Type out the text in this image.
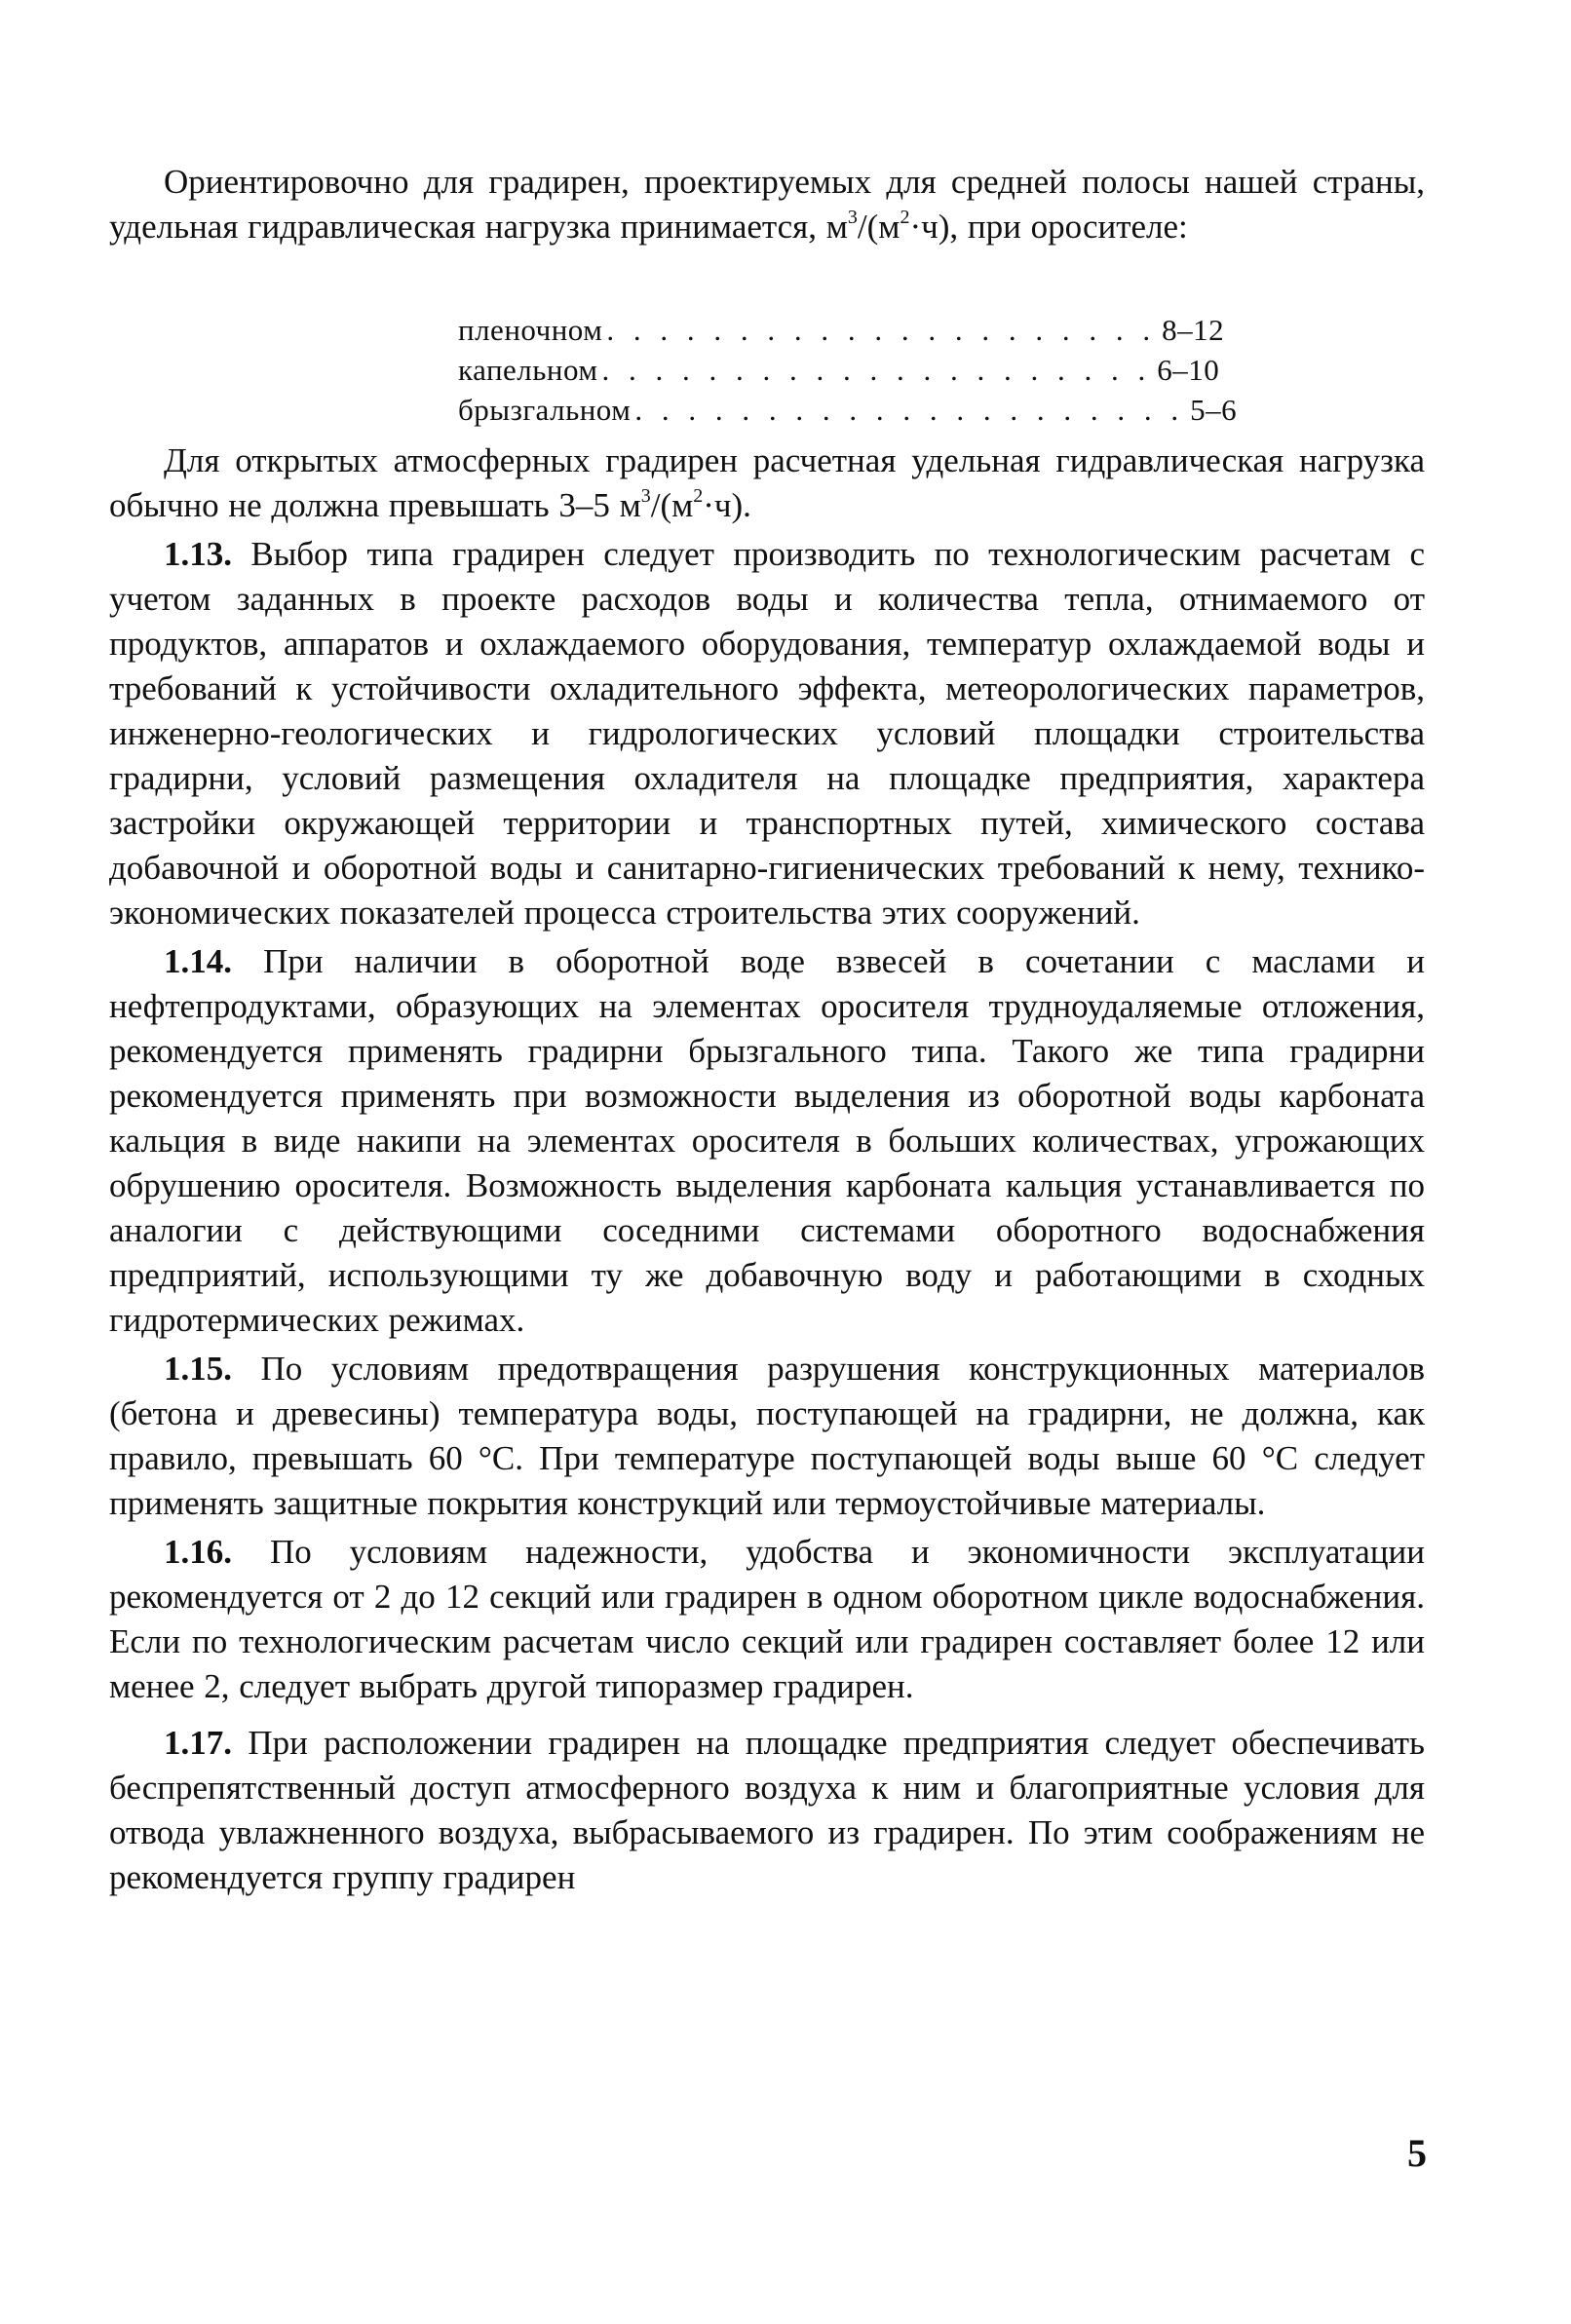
Ориентировочно для градирен, проектируемых для средней полосы нашей страны, удельная гидравлическая нагрузка принимается, $м^3/(м^2\cdot ч)$, при оросителе:

пленочном . . . . . . . . . . . . . . . . . . . . . 8–12
капельном . . . . . . . . . . . . . . . . . . . . . 6–10
брызгальном . . . . . . . . . . . . . . . . . . . . . 5–6

Для открытых атмосферных градирен расчетная удельная гидравлическая нагрузка обычно не должна превышать 3–5 $м^3/(м^2\cdot ч)$.

1.13. Выбор типа градирен следует производить по технологическим расчетам с учетом заданных в проекте расходов воды и количества тепла, отнимаемого от продуктов, аппаратов и охлаждаемого оборудования, температур охлаждаемой воды и требований к устойчивости охладительного эффекта, метеорологических параметров, инженерно-геологических и гидрологических условий площадки строительства градирни, условий размещения охладителя на площадке предприятия, характера застройки окружающей территории и транспортных путей, химического состава добавочной и оборотной воды и санитарно-гигиенических требований к нему, технико-экономических показателей процесса строительства этих сооружений.

1.14. При наличии в оборотной воде взвесей в сочетании с маслами и нефтепродуктами, образующих на элементах оросителя трудноудаляемые отложения, рекомендуется применять градирни брызгального типа. Такого же типа градирни рекомендуется применять при возможности выделения из оборотной воды карбоната кальция в виде накипи на элементах оросителя в больших количествах, угрожающих обрушению оросителя. Возможность выделения карбоната кальция устанавливается по аналогии с действующими соседними системами оборотного водоснабжения предприятий, использующими ту же добавочную воду и работающими в сходных гидротермических режимах.

1.15. По условиям предотвращения разрушения конструкционных материалов (бетона и древесины) температура воды, поступающей на градирни, не должна, как правило, превышать 60 °С. При температуре поступающей воды выше 60 °С следует применять защитные покрытия конструкций или термоустойчивые материалы.

1.16. По условиям надежности, удобства и экономичности эксплуатации рекомендуется от 2 до 12 секций или градирен в одном оборотном цикле водоснабжения. Если по технологическим расчетам число секций или градирен составляет более 12 или менее 2, следует выбрать другой типоразмер градирен.

1.17. При расположении градирен на площадке предприятия следует обеспечивать беспрепятственный доступ атмосферного воздуха к ним и благоприятные условия для отвода увлажненного воздуха, выбрасываемого из градирен. По этим соображениям не рекомендуется группу градирен

5
